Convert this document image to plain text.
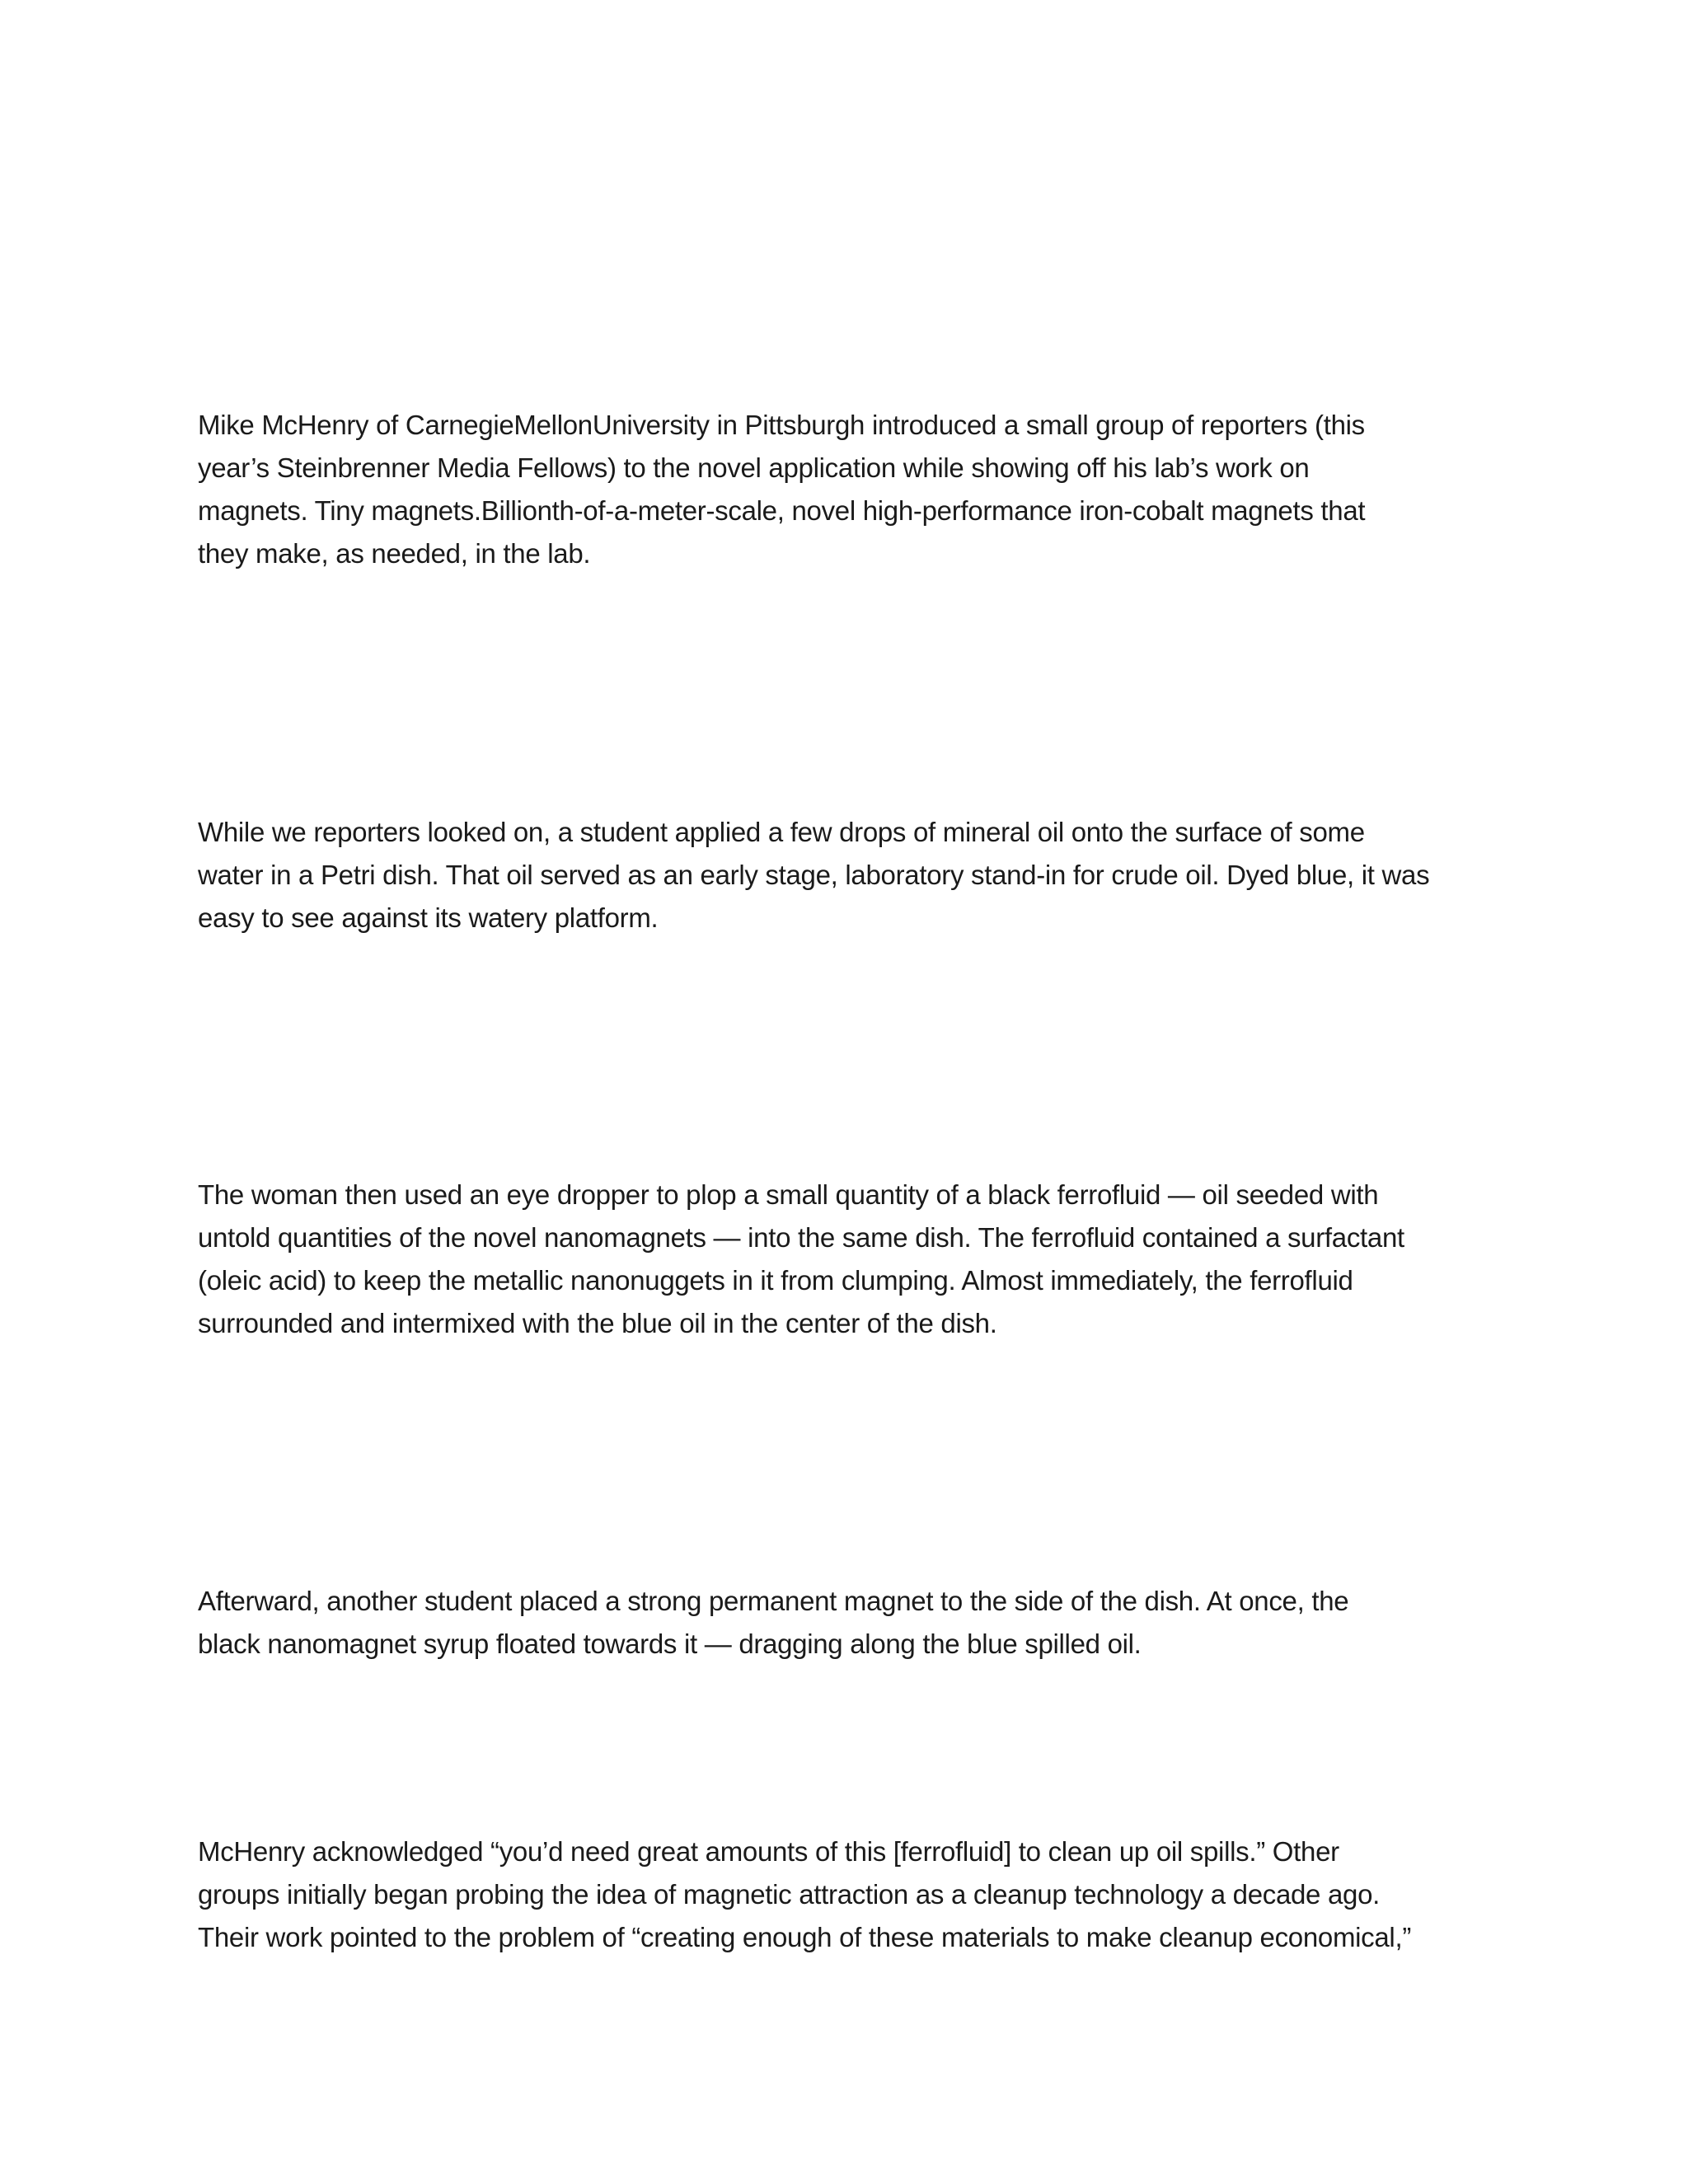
Mike McHenry of CarnegieMellonUniversity in Pittsburgh introduced a small group of reporters (this
year’s Steinbrenner Media Fellows) to the novel application while showing off his lab’s work on
magnets. Tiny magnets.Billionth-of-a-meter-scale, novel high-performance iron-cobalt magnets that
they make, as needed, in the lab.

While we reporters looked on, a student applied a few drops of mineral oil onto the surface of some
water in a Petri dish. That oil served as an early stage, laboratory stand-in for crude oil. Dyed blue, it was
easy to see against its watery platform.

The woman then used an eye dropper to plop a small quantity of a black ferrofluid — oil seeded with
untold quantities of the novel nanomagnets — into the same dish. The ferrofluid contained a surfactant
(oleic acid) to keep the metallic nanonuggets in it from clumping. Almost immediately, the ferrofluid
surrounded and intermixed with the blue oil in the center of the dish.

Afterward, another student placed a strong permanent magnet to the side of the dish. At once, the
black nanomagnet syrup floated towards it — dragging along the blue spilled oil.

McHenry acknowledged “you’d need great amounts of this [ferrofluid] to clean up oil spills.” Other
groups initially began probing the idea of magnetic attraction as a cleanup technology a decade ago.
Their work pointed to the problem of “creating enough of these materials to make cleanup economical,”
